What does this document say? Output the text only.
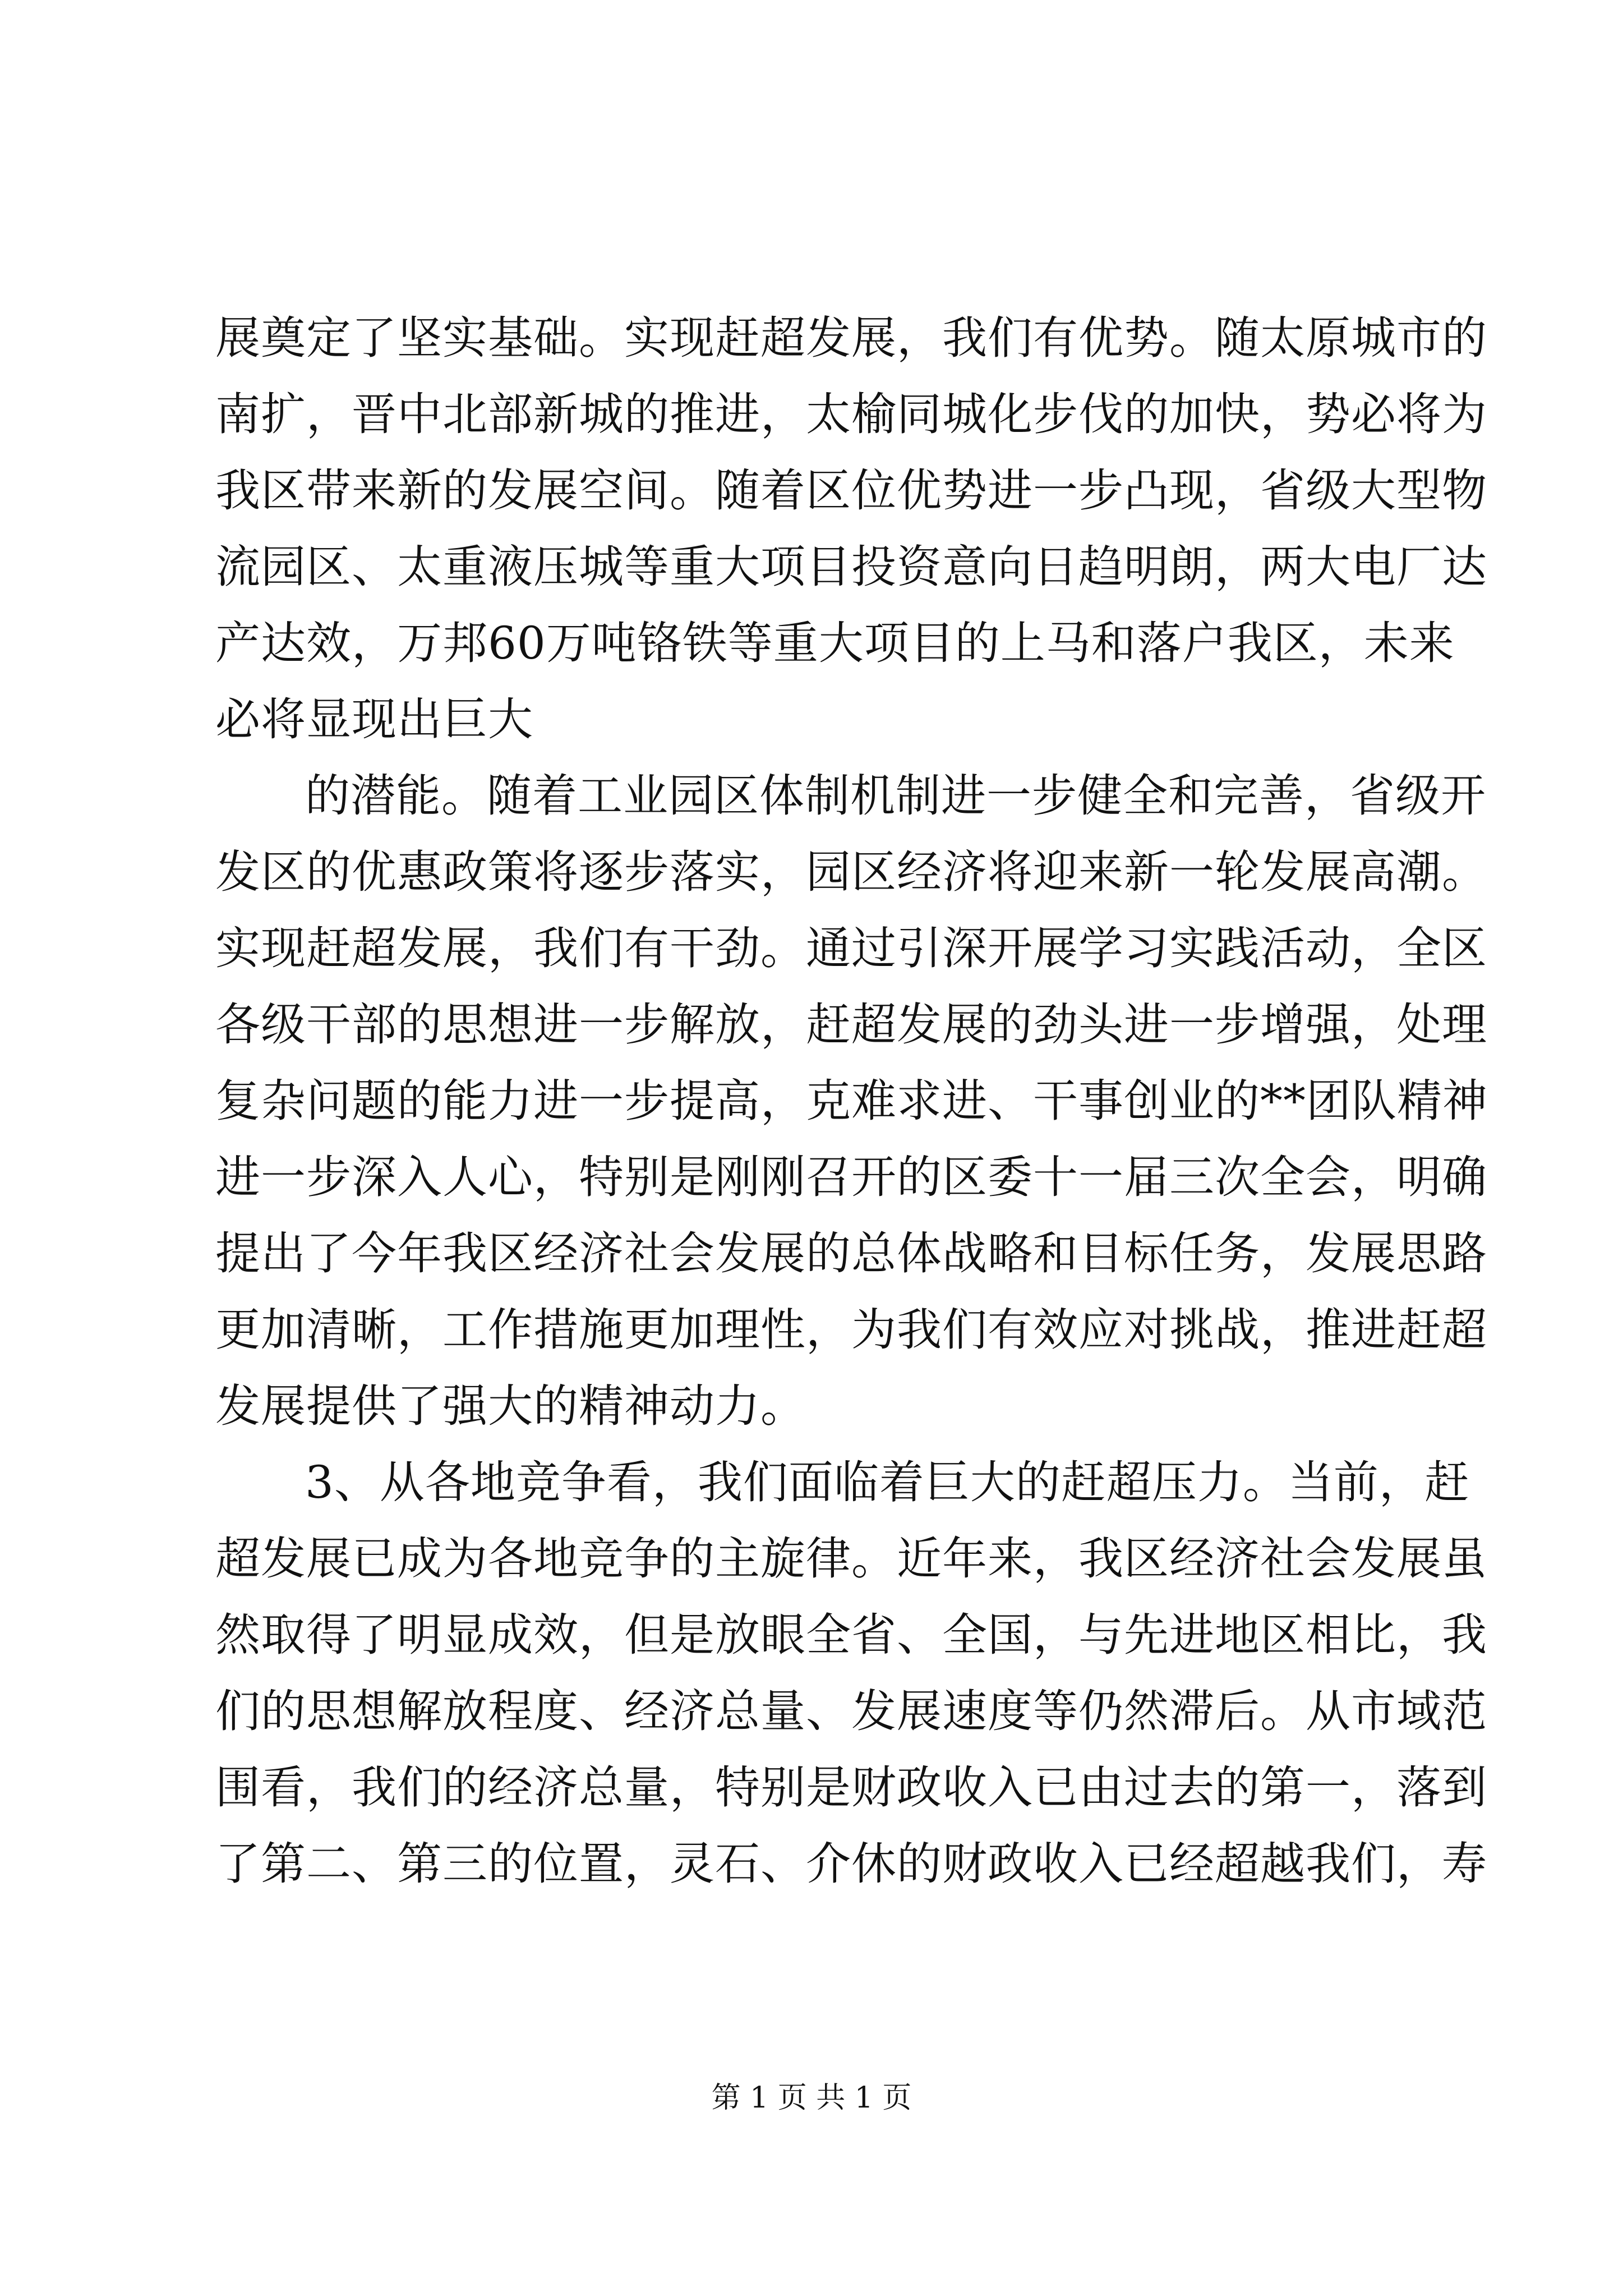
展奠定了坚实基础。实现赶超发展，我们有优势。随太原城市的
南扩，晋中北部新城的推进，太榆同城化步伐的加快，势必将为
我区带来新的发展空间。随着区位优势进一步凸现，省级大型物
流园区、太重液压城等重大项目投资意向日趋明朗，两大电厂达
产达效，万邦60万吨铬铁等重大项目的上马和落户我区，未来
必将显现出巨大
的潜能。随着工业园区体制机制进一步健全和完善，省级开
发区的优惠政策将逐步落实，园区经济将迎来新一轮发展高潮。
实现赶超发展，我们有干劲。通过引深开展学习实践活动，全区
各级干部的思想进一步解放，赶超发展的劲头进一步增强，处理
复杂问题的能力进一步提高，克难求进、干事创业的**团队精神
进一步深入人心，特别是刚刚召开的区委十一届三次全会，明确
提出了今年我区经济社会发展的总体战略和目标任务，发展思路
更加清晰，工作措施更加理性，为我们有效应对挑战，推进赶超
发展提供了强大的精神动力。
3、从各地竞争看，我们面临着巨大的赶超压力。当前，赶
超发展已成为各地竞争的主旋律。近年来，我区经济社会发展虽
然取得了明显成效，但是放眼全省、全国，与先进地区相比，我
们的思想解放程度、经济总量、发展速度等仍然滞后。从市域范
围看，我们的经济总量，特别是财政收入已由过去的第一，落到
了第二、第三的位置，灵石、介休的财政收入已经超越我们，寿
第 1 页 共 1 页
